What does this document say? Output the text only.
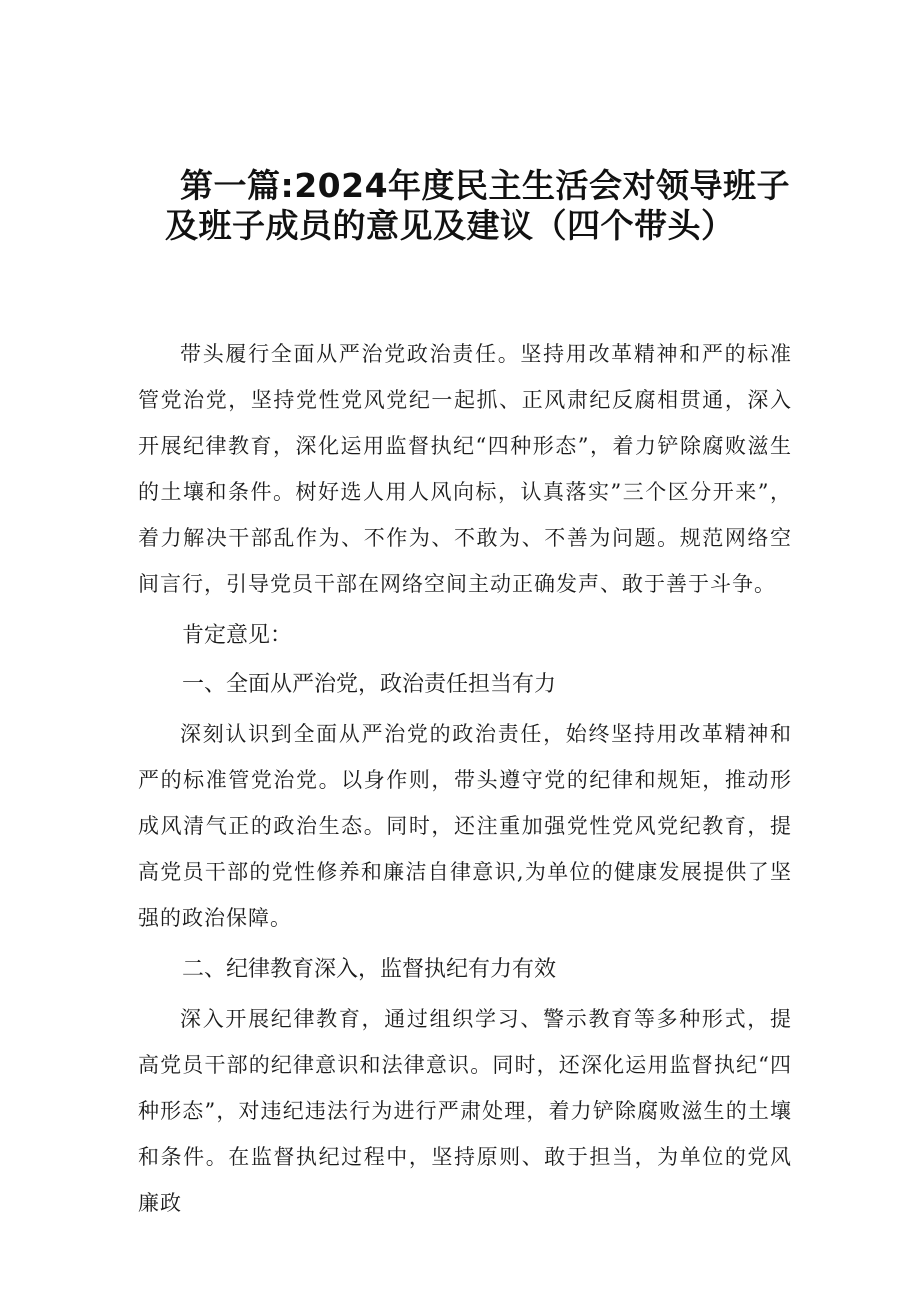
第一篇:2024年度民主生活会对领导班子
及班子成员的意见及建议（四个带头）

带头履行全面从严治党政治责任。坚持用改革精神和严的标准管党治党，坚持党性党风党纪一起抓、正风肃纪反腐相贯通，深入开展纪律教育，深化运用监督执纪“四种形态”，着力铲除腐败滋生的土壤和条件。树好选人用人风向标，认真落实”三个区分开来”，着力解决干部乱作为、不作为、不敢为、不善为问题。规范网络空间言行，引导党员干部在网络空间主动正确发声、敢于善于斗争。

肯定意见：
一、全面从严治党，政治责任担当有力

深刻认识到全面从严治党的政治责任，始终坚持用改革精神和严的标准管党治党。以身作则，带头遵守党的纪律和规矩，推动形成风清气正的政治生态。同时，还注重加强党性党风党纪教育，提高党员干部的党性修养和廉洁自律意识,为单位的健康发展提供了坚强的政治保障。

二、纪律教育深入，监督执纪有力有效

深入开展纪律教育，通过组织学习、警示教育等多种形式，提高党员干部的纪律意识和法律意识。同时，还深化运用监督执纪“四种形态”，对违纪违法行为进行严肃处理，着力铲除腐败滋生的土壤和条件。在监督执纪过程中，坚持原则、敢于担当，为单位的党风廉政
